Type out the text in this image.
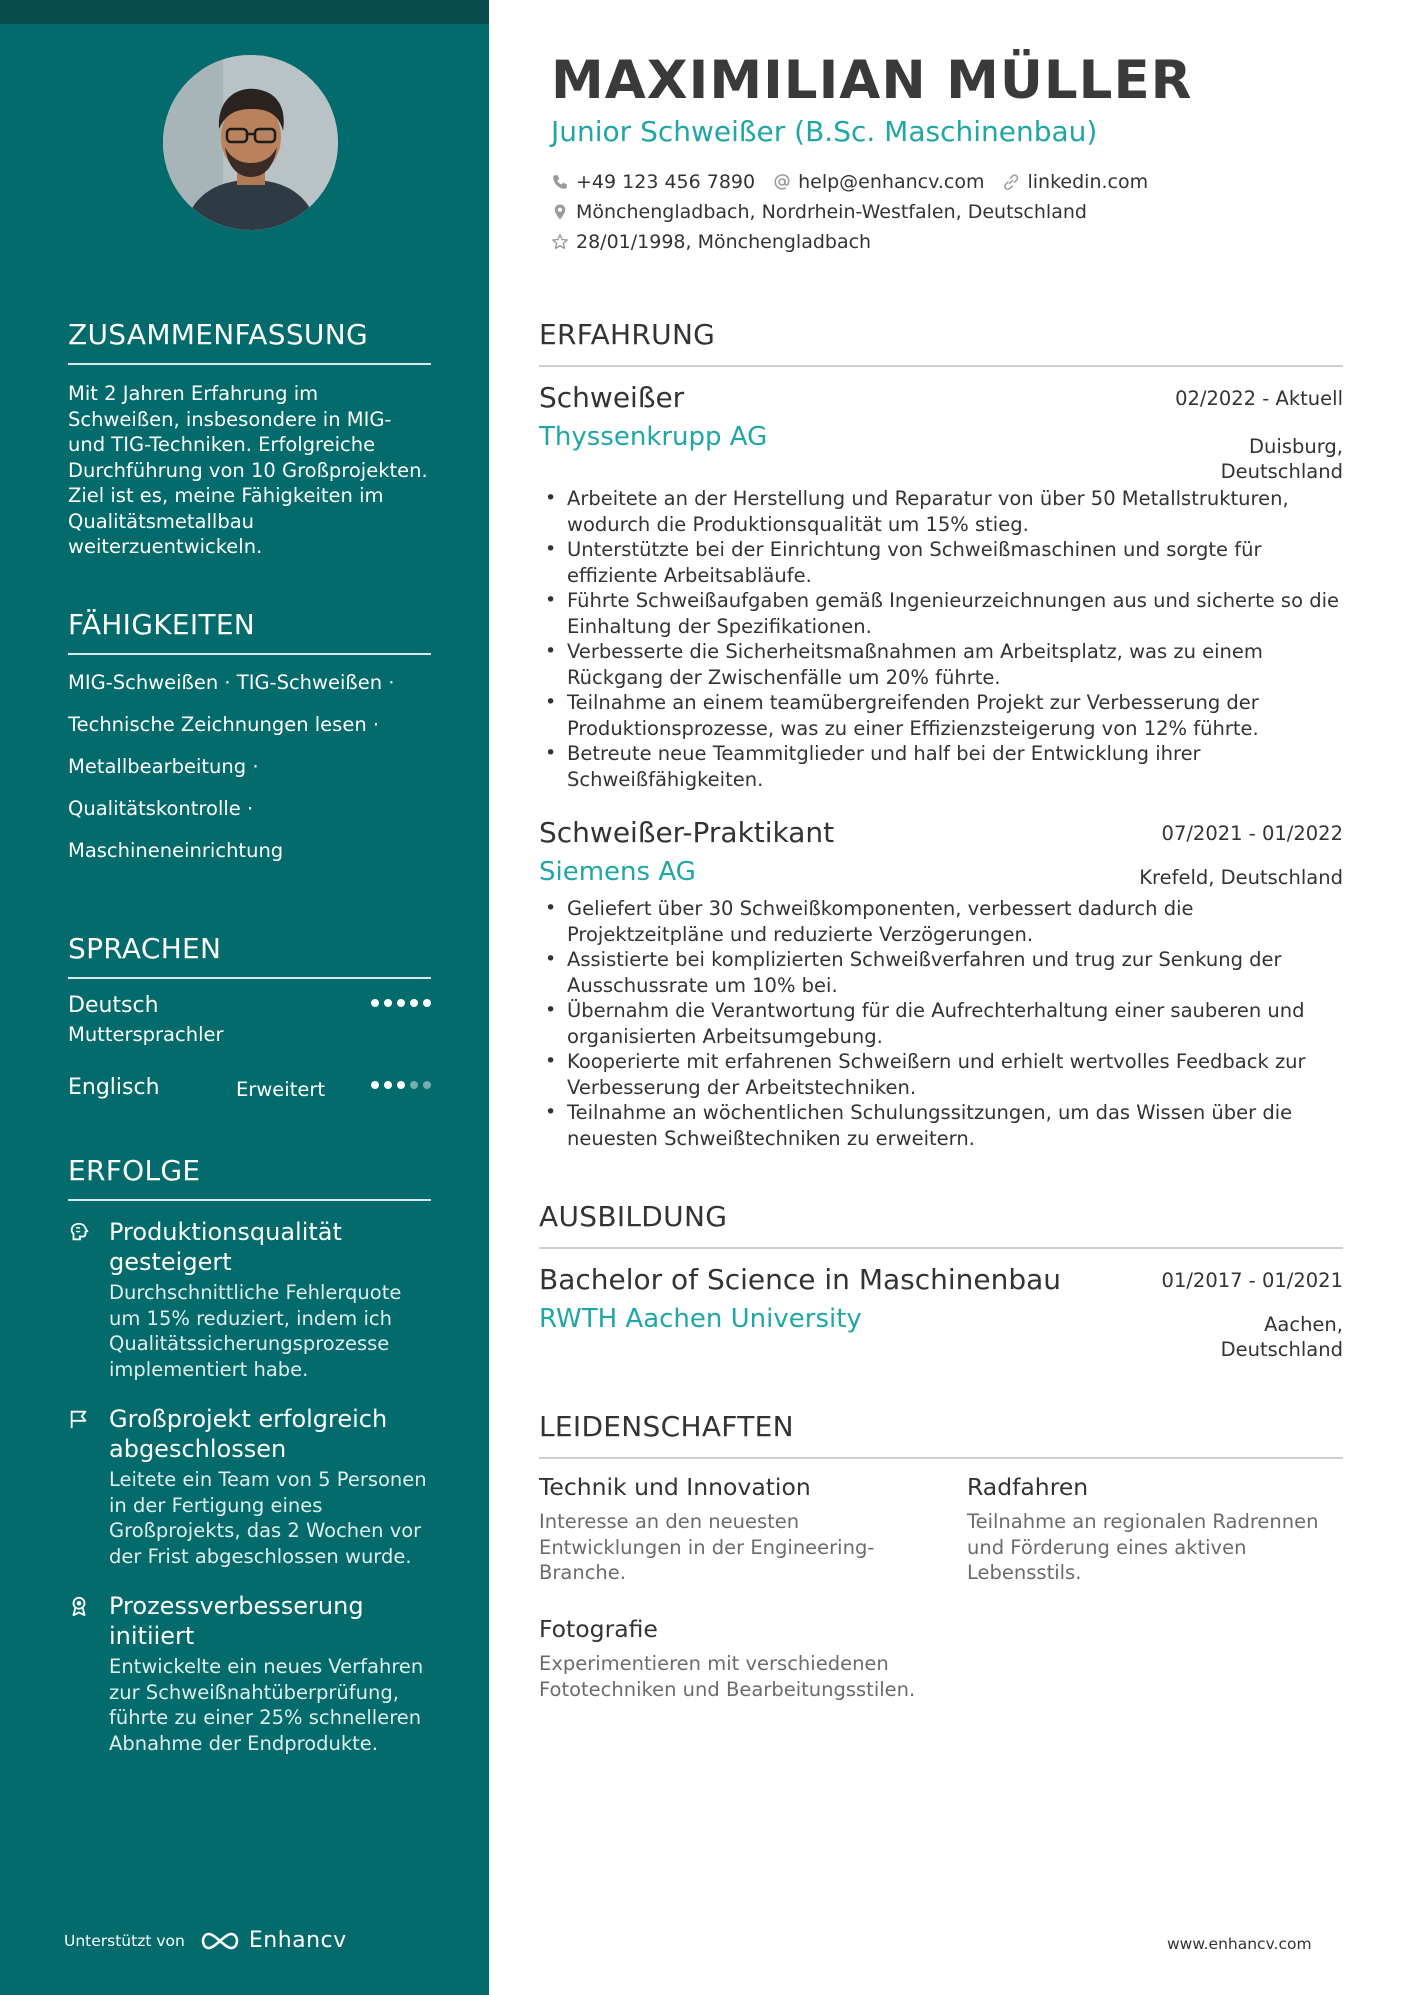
ZUSAMMENFASSUNG

Mit 2 Jahren Erfahrung im Schweißen, insbesondere in MIG- und TIG-Techniken. Erfolgreiche Durchführung von 10 Großprojekten. Ziel ist es, meine Fähigkeiten im Qualitätsmetallbau weiterzuentwickeln.

FÄHIGKEITEN
MIG-Schweißen · TIG-Schweißen ·
Technische Zeichnungen lesen ·
Metallbearbeitung ·
Qualitätskontrolle ·
Maschineneinrichtung
SPRACHEN
Deutsch
Muttersprachler
Englisch	Erweitert
ERFOLGE
Produktionsqualität gesteigert
Durchschnittliche Fehlerquote um 15% reduziert, indem ich Qualitätssicherungsprozesse implementiert habe.
Großprojekt erfolgreich abgeschlossen
Leitete ein Team von 5 Personen in der Fertigung eines Großprojekts, das 2 Wochen vor der Frist abgeschlossen wurde.
Prozessverbesserung initiiert
Entwickelte ein neues Verfahren zur Schweißnahtüberprüfung, führte zu einer 25% schnelleren Abnahme der Endprodukte.
Unterstützt von	Enhancv
MAXIMILIAN MÜLLER
Junior Schweißer (B.Sc. Maschinenbau)
+49 123 456 7890 help@enhancv.com linkedin.com
Mönchengladbach, Nordrhein-Westfalen, Deutschland
28/01/1998, Mönchengladbach
ERFAHRUNG
Schweißer
Thyssenkrupp AG
02/2022 - Aktuell
Duisburg,
Deutschland
• Arbeitete an der Herstellung und Reparatur von über 50 Metallstrukturen, wodurch die Produktionsqualität um 15% stieg.
• Unterstützte bei der Einrichtung von Schweißmaschinen und sorgte für effiziente Arbeitsabläufe.
• Führte Schweißaufgaben gemäß Ingenieurzeichnungen aus und sicherte so die Einhaltung der Spezifikationen.
• Verbesserte die Sicherheitsmaßnahmen am Arbeitsplatz, was zu einem Rückgang der Zwischenfälle um 20% führte.
• Teilnahme an einem teamübergreifenden Projekt zur Verbesserung der Produktionsprozesse, was zu einer Effizienzsteigerung von 12% führte.
• Betreute neue Teammitglieder und half bei der Entwicklung ihrer Schweißfähigkeiten.
Schweißer-Praktikant
Siemens AG
07/2021 - 01/2022
Krefeld, Deutschland
• Geliefert über 30 Schweißkomponenten, verbessert dadurch die Projektzeitpläne und reduzierte Verzögerungen.
• Assistierte bei komplizierten Schweißverfahren und trug zur Senkung der Ausschussrate um 10% bei.
• Übernahm die Verantwortung für die Aufrechterhaltung einer sauberen und organisierten Arbeitsumgebung.
• Kooperierte mit erfahrenen Schweißern und erhielt wertvolles Feedback zur Verbesserung der Arbeitstechniken.
• Teilnahme an wöchentlichen Schulungssitzungen, um das Wissen über die neuesten Schweißtechniken zu erweitern.
AUSBILDUNG
Bachelor of Science in Maschinenbau
RWTH Aachen University
01/2017 - 01/2021
Aachen,
Deutschland
LEIDENSCHAFTEN
Technik und Innovation
Interesse an den neuesten Entwicklungen in der Engineering-Branche.
Radfahren
Teilnahme an regionalen Radrennen und Förderung eines aktiven Lebensstils.
Fotografie
Experimentieren mit verschiedenen Fototechniken und Bearbeitungsstilen.
www.enhancv.com
